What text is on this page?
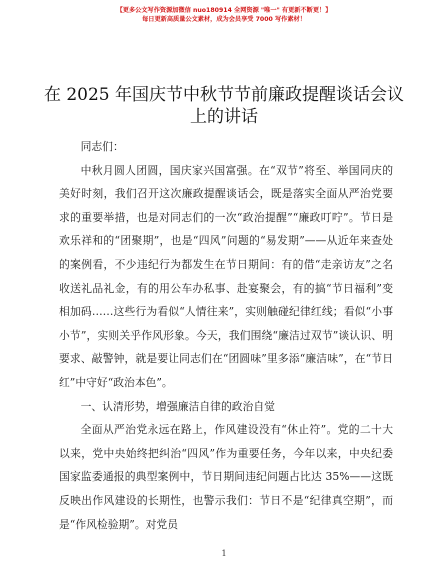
【更多公文写作资源加微信 nuo180914 全网资源 "唯一" 有更新不断更！】
每日更新高质量公文素材，成为会员享受 7000 写作素材！
在 2025 年国庆节中秋节节前廉政提醒谈话会议上的讲话

同志们：

中秋月圆人团圆，国庆家兴国富强。在“双节”将至、举国同庆的美好时刻，我们召开这次廉政提醒谈话会，既是落实全面从严治党要求的重要举措，也是对同志们的一次“政治提醒”“廉政叮咛”。节日是欢乐祥和的“团聚期”，也是“四风”问题的“易发期”——从近年来查处的案例看，不少违纪行为都发生在节日期间：有的借“走亲访友”之名收送礼品礼金，有的用公车办私事、赴宴聚会，有的搞“节日福利”变相加码……这些行为看似“人情往来”，实则触碰纪律红线；看似“小事小节”，实则关乎作风形象。今天，我们围绕“廉洁过双节”谈认识、明要求、敲警钟，就是要让同志们在“团圆味”里多添“廉洁味”，在“节日红”中守好“政治本色”。

一、认清形势，增强廉洁自律的政治自觉

全面从严治党永远在路上，作风建设没有“休止符”。党的二十大以来，党中央始终把纠治“四风”作为重要任务，今年以来，中央纪委国家监委通报的典型案例中，节日期间违纪问题占比达 35%——这既反映出作风建设的长期性，也警示我们：节日不是“纪律真空期”，而是“作风检验期”。对党员

1
